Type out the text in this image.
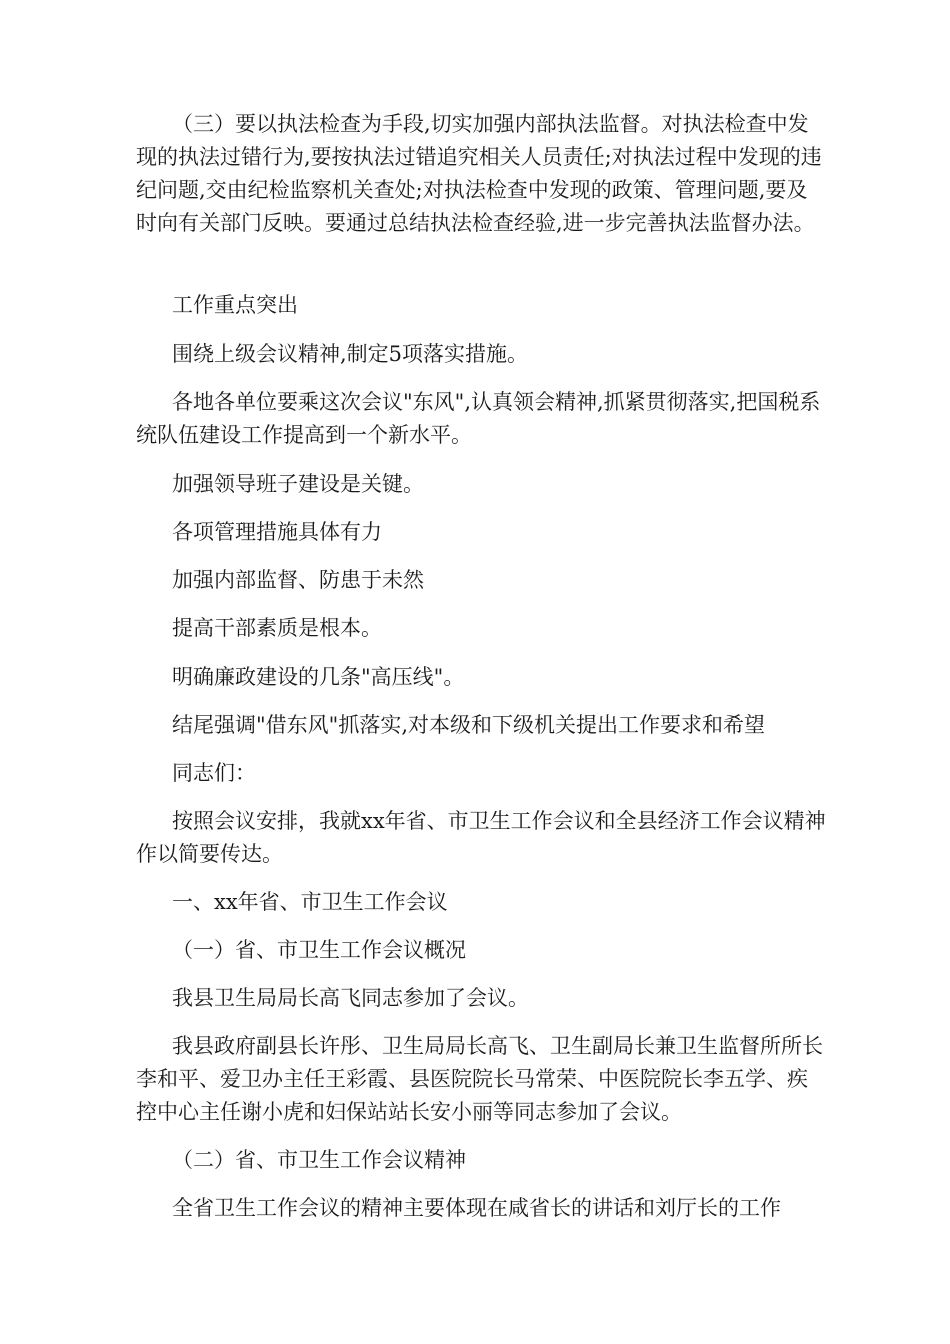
（三）要以执法检查为手段,切实加强内部执法监督。对执法检查中发现的执法过错行为,要按执法过错追究相关人员责任;对执法过程中发现的违纪问题,交由纪检监察机关查处;对执法检查中发现的政策、管理问题,要及时向有关部门反映。要通过总结执法检查经验,进一步完善执法监督办法。

工作重点突出

围绕上级会议精神,制定5项落实措施。

各地各单位要乘这次会议"东风",认真领会精神,抓紧贯彻落实,把国税系统队伍建设工作提高到一个新水平。

加强领导班子建设是关键。

各项管理措施具体有力

加强内部监督、防患于未然

提高干部素质是根本。

明确廉政建设的几条"高压线"。

结尾强调"借东风"抓落实,对本级和下级机关提出工作要求和希望

同志们：

按照会议安排，我就xx年省、市卫生工作会议和全县经济工作会议精神作以简要传达。

一、xx年省、市卫生工作会议

（一）省、市卫生工作会议概况

我县卫生局局长高飞同志参加了会议。

我县政府副县长许彤、卫生局局长高飞、卫生副局长兼卫生监督所所长李和平、爱卫办主任王彩霞、县医院院长马常荣、中医院院长李五学、疾控中心主任谢小虎和妇保站站长安小丽等同志参加了会议。

（二）省、市卫生工作会议精神

全省卫生工作会议的精神主要体现在咸省长的讲话和刘厅长的工作
